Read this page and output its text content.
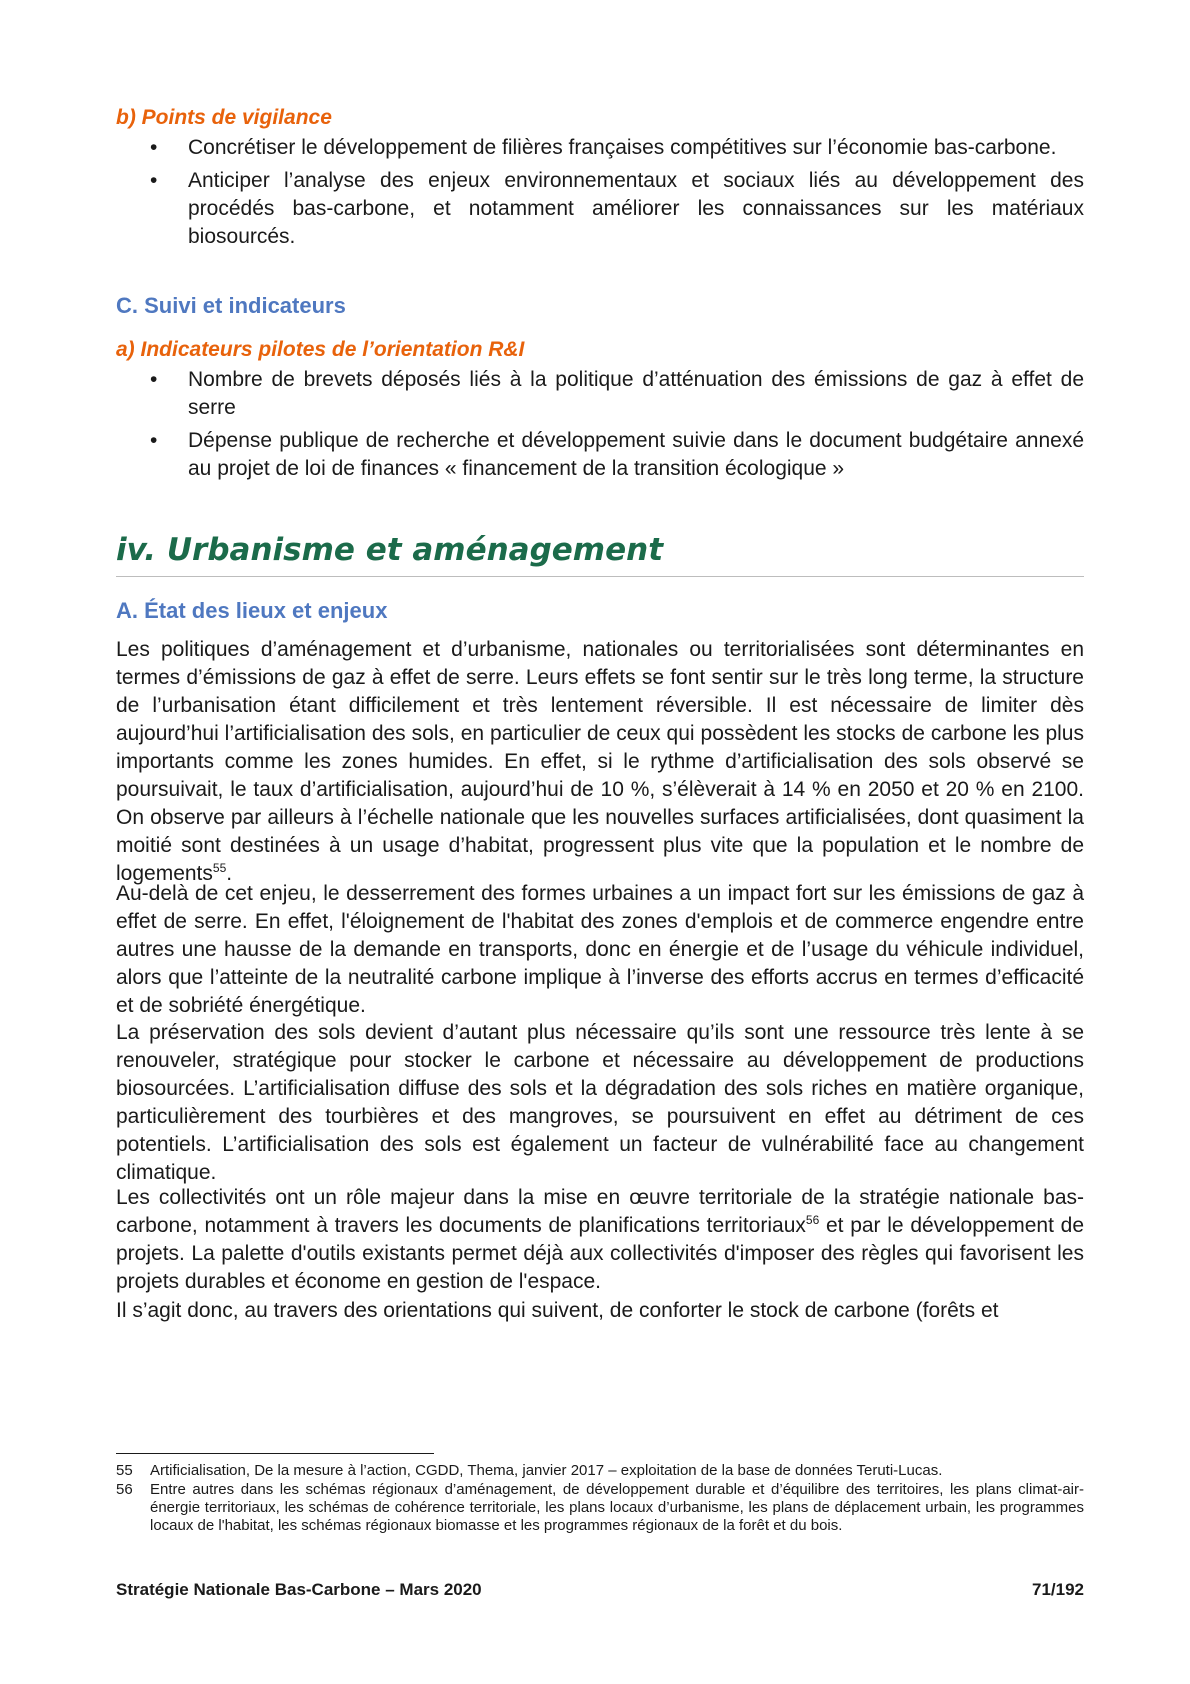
b) Points de vigilance
• Concrétiser le développement de filières françaises compétitives sur l’économie bas-carbone.
• Anticiper l’analyse des enjeux environnementaux et sociaux liés au développement des procédés bas-carbone, et notamment améliorer les connaissances sur les matériaux biosourcés.
C. Suivi et indicateurs
a) Indicateurs pilotes de l’orientation R&I
• Nombre de brevets déposés liés à la politique d’atténuation des émissions de gaz à effet de serre
• Dépense publique de recherche et développement suivie dans le document budgétaire annexé au projet de loi de finances « financement de la transition écologique »
iv. Urbanisme et aménagement
A. État des lieux et enjeux

Les politiques d’aménagement et d’urbanisme, nationales ou territorialisées sont déterminantes en termes d’émissions de gaz à effet de serre. Leurs effets se font sentir sur le très long terme, la structure de l’urbanisation étant difficilement et très lentement réversible. Il est nécessaire de limiter dès aujourd’hui l’artificialisation des sols, en particulier de ceux qui possèdent les stocks de carbone les plus importants comme les zones humides. En effet, si le rythme d’artificialisation des sols observé se poursuivait, le taux d’artificialisation, aujourd’hui de 10 %, s’élèverait à 14 % en 2050 et 20 % en 2100. On observe par ailleurs à l’échelle nationale que les nouvelles surfaces artificialisées, dont quasiment la moitié sont destinées à un usage d’habitat, progressent plus vite que la population et le nombre de logements$^{55}$.

Au-delà de cet enjeu, le desserrement des formes urbaines a un impact fort sur les émissions de gaz à effet de serre. En effet, l'éloignement de l'habitat des zones d'emplois et de commerce engendre entre autres une hausse de la demande en transports, donc en énergie et de l’usage du véhicule individuel, alors que l’atteinte de la neutralité carbone implique à l’inverse des efforts accrus en termes d’efficacité et de sobriété énergétique.

La préservation des sols devient d’autant plus nécessaire qu’ils sont une ressource très lente à se renouveler, stratégique pour stocker le carbone et nécessaire au développement de productions biosourcées. L’artificialisation diffuse des sols et la dégradation des sols riches en matière organique, particulièrement des tourbières et des mangroves, se poursuivent en effet au détriment de ces potentiels. L’artificialisation des sols est également un facteur de vulnérabilité face au changement climatique.

Les collectivités ont un rôle majeur dans la mise en œuvre territoriale de la stratégie nationale bas-carbone, notamment à travers les documents de planifications territoriaux$^{56}$ et par le développement de projets. La palette d'outils existants permet déjà aux collectivités d'imposer des règles qui favorisent les projets durables et économe en gestion de l'espace.

Il s’agit donc, au travers des orientations qui suivent, de conforter le stock de carbone (forêts et

55 Artificialisation, De la mesure à l’action, CGDD, Thema, janvier 2017 – exploitation de la base de données Teruti-Lucas.

56 Entre autres dans les schémas régionaux d’aménagement, de développement durable et d’équilibre des territoires, les plans climat-air-énergie territoriaux, les schémas de cohérence territoriale, les plans locaux d’urbanisme, les plans de déplacement urbain, les programmes locaux de l'habitat, les schémas régionaux biomasse et les programmes régionaux de la forêt et du bois.

Stratégie Nationale Bas-Carbone – Mars 2020	71/192
